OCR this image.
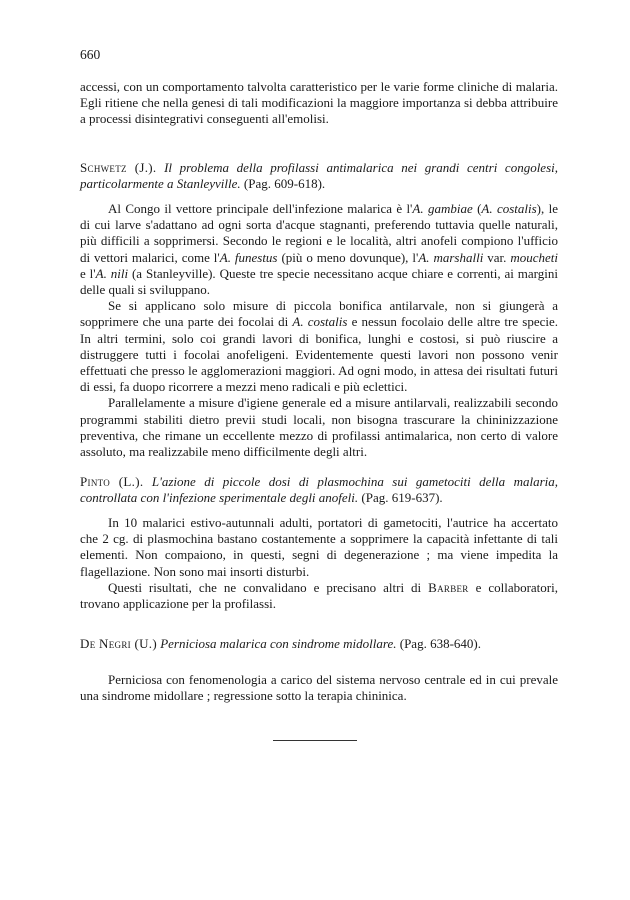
660

accessi, con un comportamento talvolta caratteristico per le varie forme cliniche di malaria. Egli ritiene che nella genesi di tali modificazioni la maggiore importanza si debba attribuire a processi disintegrativi conseguenti all'emolisi.

Schwetz (J.). Il problema della profilassi antimalarica nei grandi centri congolesi, particolarmente a Stanleyville. (Pag. 609-618).

Al Congo il vettore principale dell'infezione malarica è l'A. gambiae (A. costalis), le di cui larve s'adattano ad ogni sorta d'acque stagnanti, preferendo tuttavia quelle naturali, più difficili a sopprimersi. Secondo le regioni e le località, altri anofeli compiono l'ufficio di vettori malarici, come l'A. funestus (più o meno dovunque), l'A. marshalli var. moucheti e l'A. nili (a Stanleyville). Queste tre specie necessitano acque chiare e correnti, ai margini delle quali si sviluppano.

Se si applicano solo misure di piccola bonifica antilarvale, non si giungerà a sopprimere che una parte dei focolai di A. costalis e nessun focolaio delle altre tre specie. In altri termini, solo coi grandi lavori di bonifica, lunghi e costosi, si può riuscire a distruggere tutti i focolai anofeligeni. Evidentemente questi lavori non possono venir effettuati che presso le agglomerazioni maggiori. Ad ogni modo, in attesa dei risultati futuri di essi, fa duopo ricorrere a mezzi meno radicali e più eclettici.

Parallelamente a misure d'igiene generale ed a misure antilarvali, realizzabili secondo programmi stabiliti dietro previi studi locali, non bisogna trascurare la chininizzazione preventiva, che rimane un eccellente mezzo di profilassi antimalarica, non certo di valore assoluto, ma realizzabile meno difficilmente degli altri.

Pinto (L.). L'azione di piccole dosi di plasmochina sui gametociti della malaria, controllata con l'infezione sperimentale degli anofeli. (Pag. 619-637).

In 10 malarici estivo-autunnali adulti, portatori di gametociti, l'autrice ha accertato che 2 cg. di plasmochina bastano costantemente a sopprimere la capacità infettante di tali elementi. Non compaiono, in questi, segni di degenerazione ; ma viene impedita la flagellazione. Non sono mai insorti disturbi.

Questi risultati, che ne convalidano e precisano altri di Barber e collaboratori, trovano applicazione per la profilassi.

De Negri (U.) Perniciosa malarica con sindrome midollare. (Pag. 638-640).

Perniciosa con fenomenologia a carico del sistema nervoso centrale ed in cui prevale una sindrome midollare ; regressione sotto la terapia chininica.
